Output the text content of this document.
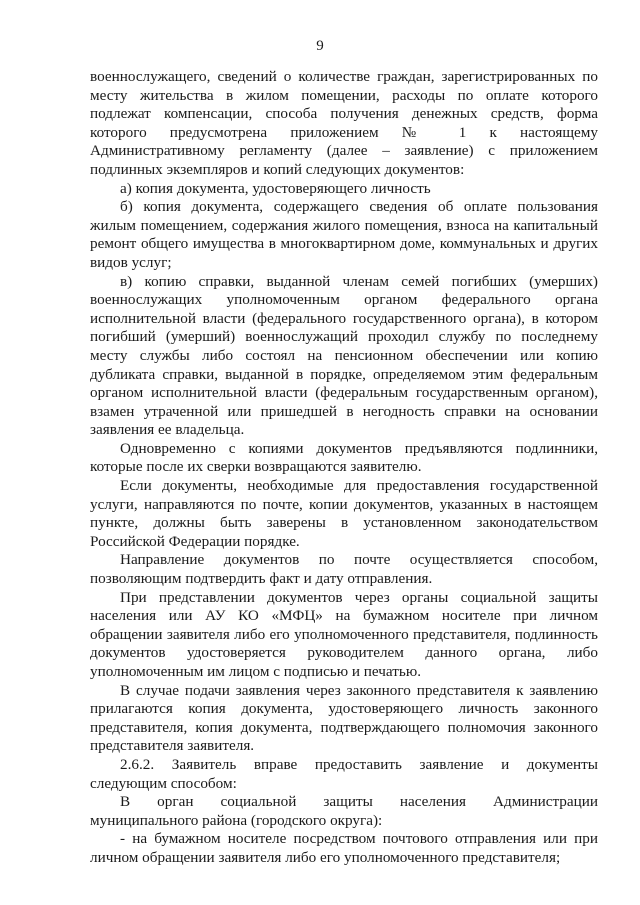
9
военнослужащего, сведений о количестве граждан, зарегистрированных по
месту жительства в жилом помещении, расходы по оплате которого
подлежат компенсации, способа получения денежных средств, форма
которого предусмотрена приложением № 1 к настоящему
Административному регламенту (далее – заявление) с приложением
подлинных экземпляров и копий следующих документов:
а) копия документа, удостоверяющего личность
б) копия документа, содержащего сведения об оплате пользования
жилым помещением, содержания жилого помещения, взноса на капитальный
ремонт общего имущества в многоквартирном доме, коммунальных и других
видов услуг;
в) копию справки, выданной членам семей погибших (умерших)
военнослужащих уполномоченным органом федерального органа
исполнительной власти (федерального государственного органа), в котором
погибший (умерший) военнослужащий проходил службу по последнему
месту службы либо состоял на пенсионном обеспечении или копию
дубликата справки, выданной в порядке, определяемом этим федеральным
органом исполнительной власти (федеральным государственным органом),
взамен утраченной или пришедшей в негодность справки на основании
заявления ее владельца.
Одновременно с копиями документов предъявляются подлинники,
которые после их сверки возвращаются заявителю.
Если документы, необходимые для предоставления государственной
услуги, направляются по почте, копии документов, указанных в настоящем
пункте, должны быть заверены в установленном законодательством
Российской Федерации порядке.
Направление документов по почте осуществляется способом,
позволяющим подтвердить факт и дату отправления.
При представлении документов через органы социальной защиты
населения или АУ КО «МФЦ» на бумажном носителе при личном
обращении заявителя либо его уполномоченного представителя, подлинность
документов удостоверяется руководителем данного органа, либо
уполномоченным им лицом с подписью и печатью.
В случае подачи заявления через законного представителя к заявлению
прилагаются копия документа, удостоверяющего личность законного
представителя, копия документа, подтверждающего полномочия законного
представителя заявителя.
2.6.2. Заявитель вправе предоставить заявление и документы
следующим способом:
В орган социальной защиты населения Администрации
муниципального района (городского округа):
- на бумажном носителе посредством почтового отправления или при
личном обращении заявителя либо его уполномоченного представителя;
